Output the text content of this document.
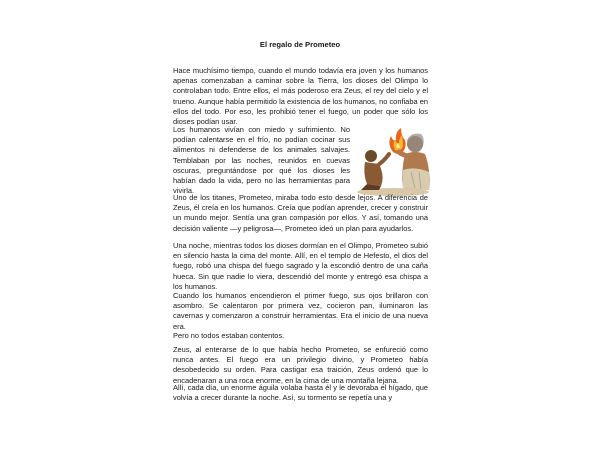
El regalo de Prometeo

Hace muchísimo tiempo, cuando el mundo todavía era joven y los humanos apenas comenzaban a caminar sobre la Tierra, los dioses del Olimpo lo controlaban todo. Entre ellos, el más poderoso era Zeus, el rey del cielo y el trueno. Aunque había permitido la existencia de los humanos, no confiaba en ellos del todo. Por eso, les prohibió tener el fuego, un poder que sólo los dioses podían usar.

Los humanos vivían con miedo y sufrimiento. No podían calentarse en el frío, no podían cocinar sus alimentos ni defenderse de los animales salvajes. Temblaban por las noches, reunidos en cuevas oscuras, preguntándose por qué los dioses les habían dado la vida, pero no las herramientas para vivirla.

Uno de los titanes, Prometeo, miraba todo esto desde lejos. A diferencia de Zeus, él creía en los humanos. Creía que podían aprender, crecer y construir un mundo mejor. Sentía una gran compasión por ellos. Y así, tomando una decisión valiente —y peligrosa—, Prometeo ideó un plan para ayudarlos.

Una noche, mientras todos los dioses dormían en el Olimpo, Prometeo subió en silencio hasta la cima del monte. Allí, en el templo de Hefesto, el dios del fuego, robó una chispa del fuego sagrado y la escondió dentro de una caña hueca. Sin que nadie lo viera, descendió del monte y entregó esa chispa a los humanos.

Cuando los humanos encendieron el primer fuego, sus ojos brillaron con asombro. Se calentaron por primera vez, cocieron pan, iluminaron las cavernas y comenzaron a construir herramientas. Era el inicio de una nueva era.

Pero no todos estaban contentos.

Zeus, al enterarse de lo que había hecho Prometeo, se enfureció como nunca antes. El fuego era un privilegio divino, y Prometeo había desobedecido su orden. Para castigar esa traición, Zeus ordenó que lo encadenaran a una roca enorme, en la cima de una montaña lejana.

Allí, cada día, un enorme águila volaba hasta él y le devoraba el hígado, que volvía a crecer durante la noche. Así, su tormento se repetía una y
